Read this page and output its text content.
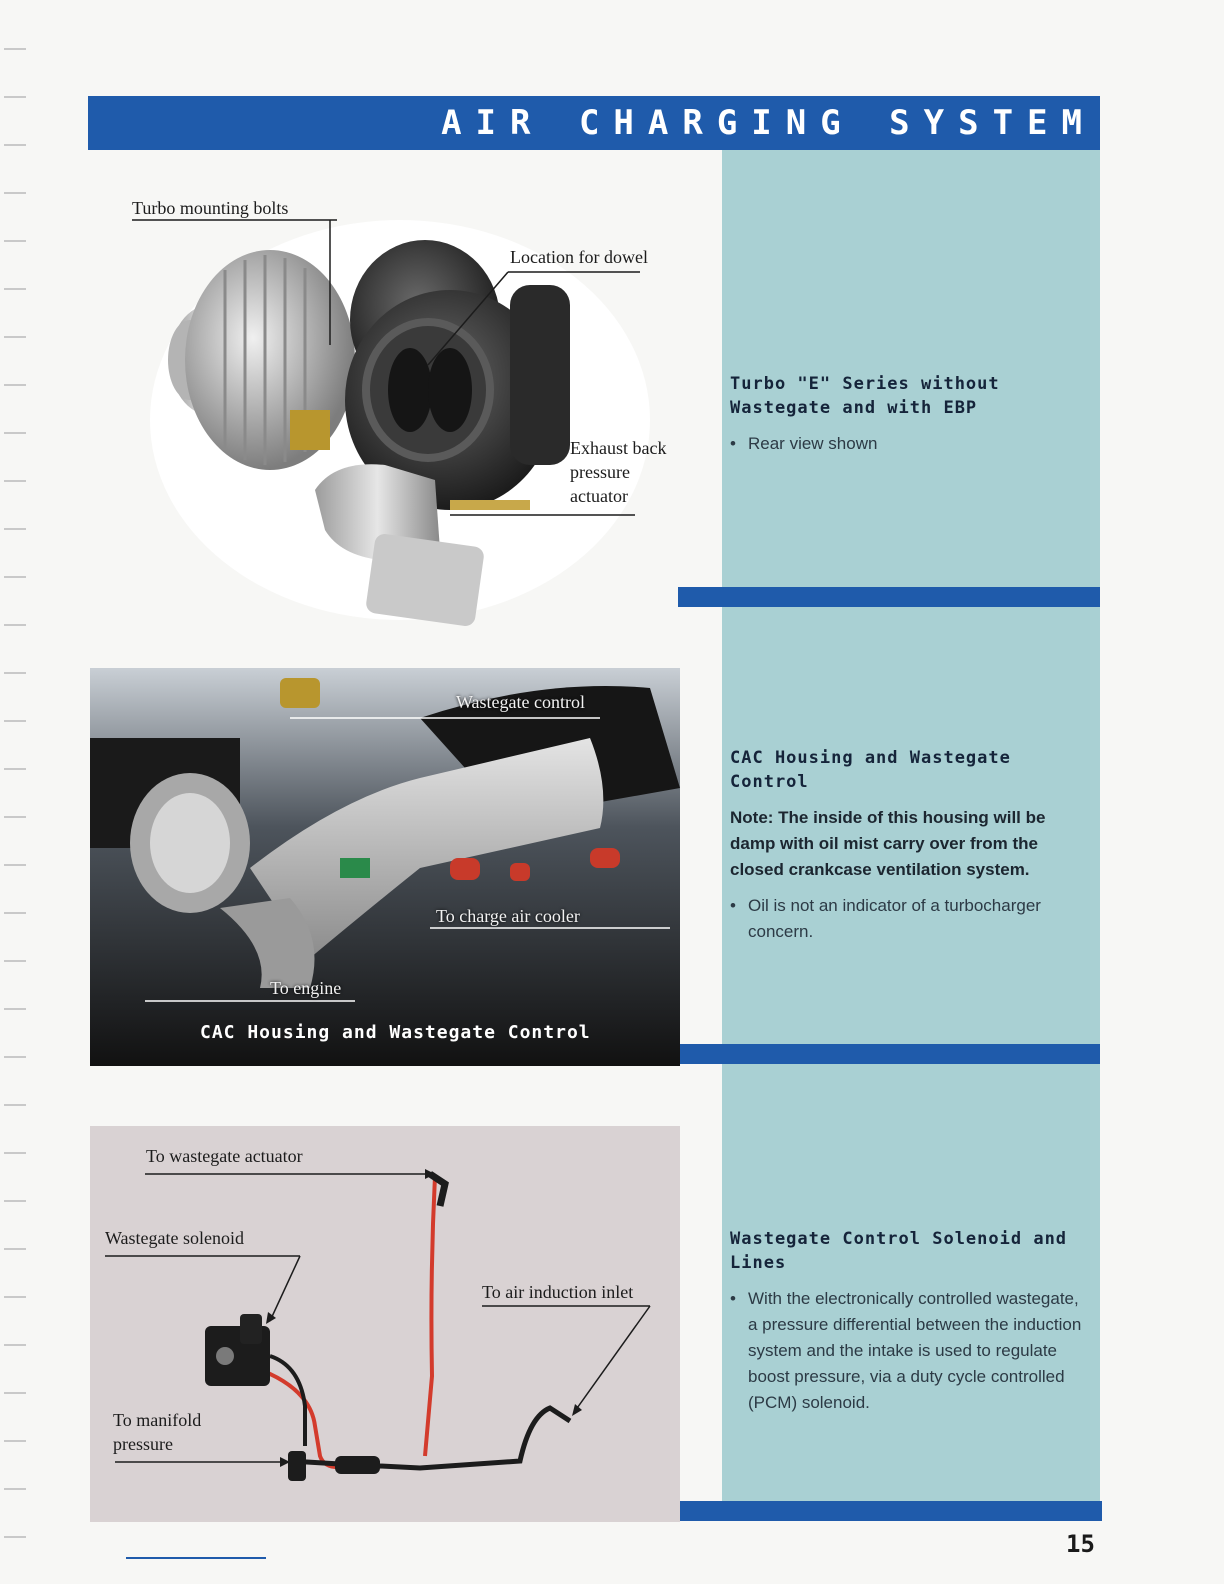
AIR CHARGING SYSTEM
Turbo mounting bolts
Location for dowel
Exhaust back
pressure
actuator
Turbo "E" Series without Wastegate and with EBP
• Rear view shown
Wastegate control
To charge air cooler
To engine
CAC Housing and Wastegate Control
CAC Housing and Wastegate Control
Note: The inside of this housing will be damp with oil mist carry over from the closed crankcase ventilation system.
• Oil is not an indicator of a turbocharger concern.
To wastegate actuator
Wastegate solenoid
To air induction inlet
To manifold
pressure
Wastegate Control Solenoid and Lines
• With the electronically controlled wastegate, a pressure differential between the induction system and the intake is used to regulate boost pressure, via a duty cycle controlled (PCM) solenoid.
15
